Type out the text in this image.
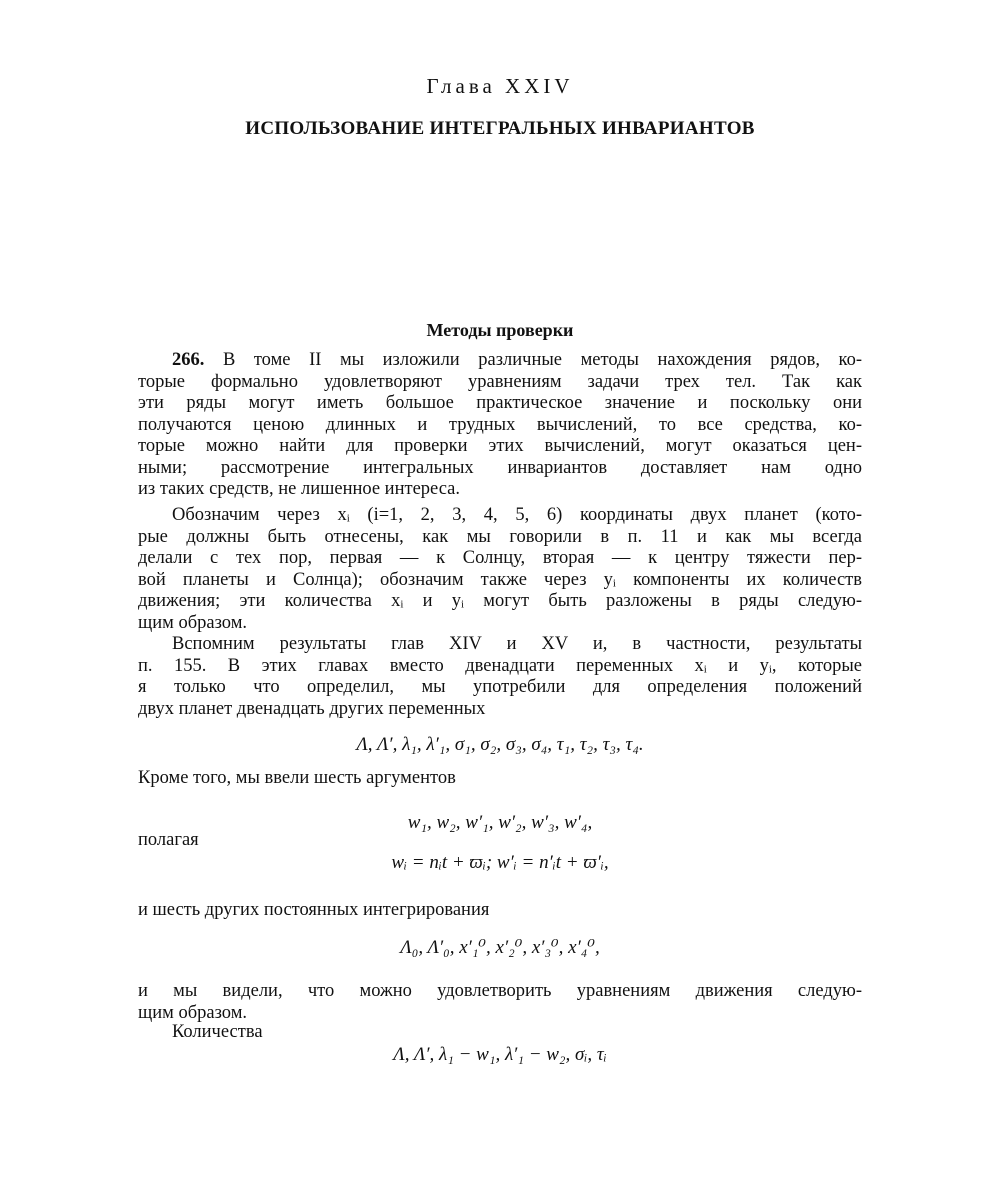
Глава XXIV
ИСПОЛЬЗОВАНИЕ ИНТЕГРАЛЬНЫХ ИНВАРИАНТОВ
Методы проверки
266. В томе II мы изложили различные методы нахождения рядов, ко-
торые формально удовлетворяют уравнениям задачи трех тел. Так как
эти ряды могут иметь большое практическое значение и поскольку они
получаются ценою длинных и трудных вычислений, то все средства, ко-
торые можно найти для проверки этих вычислений, могут оказаться цен-
ными; рассмотрение интегральных инвариантов доставляет нам одно
из таких средств, не лишенное интереса.
Обозначим через xᵢ (i=1, 2, 3, 4, 5, 6) координаты двух планет (кото-
рые должны быть отнесены, как мы говорили в п. 11 и как мы всегда
делали с тех пор, первая — к Солнцу, вторая — к центру тяжести пер-
вой планеты и Солнца); обозначим также через yᵢ компоненты их количеств
движения; эти количества xᵢ и yᵢ могут быть разложены в ряды следую-
щим образом.
Вспомним результаты глав XIV и XV и, в частности, результаты
п. 155. В этих главах вместо двенадцати переменных xᵢ и yᵢ, которые
я только что определил, мы употребили для определения положений
двух планет двенадцать других переменных
Λ, Λ′, λ₁, λ′₁, σ₁, σ₂, σ₃, σ₄, τ₁, τ₂, τ₃, τ₄.
Кроме того, мы ввели шесть аргументов
w₁, w₂, w′₁, w′₂, w′₃, w′₄,
полагая
wᵢ = nᵢt + ϖᵢ; w′ᵢ = n′ᵢt + ϖ′ᵢ,
и шесть других постоянных интегрирования
Λ₀, Λ′₀, x′₁⁰, x′₂⁰, x′₃⁰, x′₄⁰,
и мы видели, что можно удовлетворить уравнениям движения следую-
щим образом.
Количества
Λ, Λ′, λ₁ − w₁, λ′₁ − w₂, σᵢ, τᵢ
